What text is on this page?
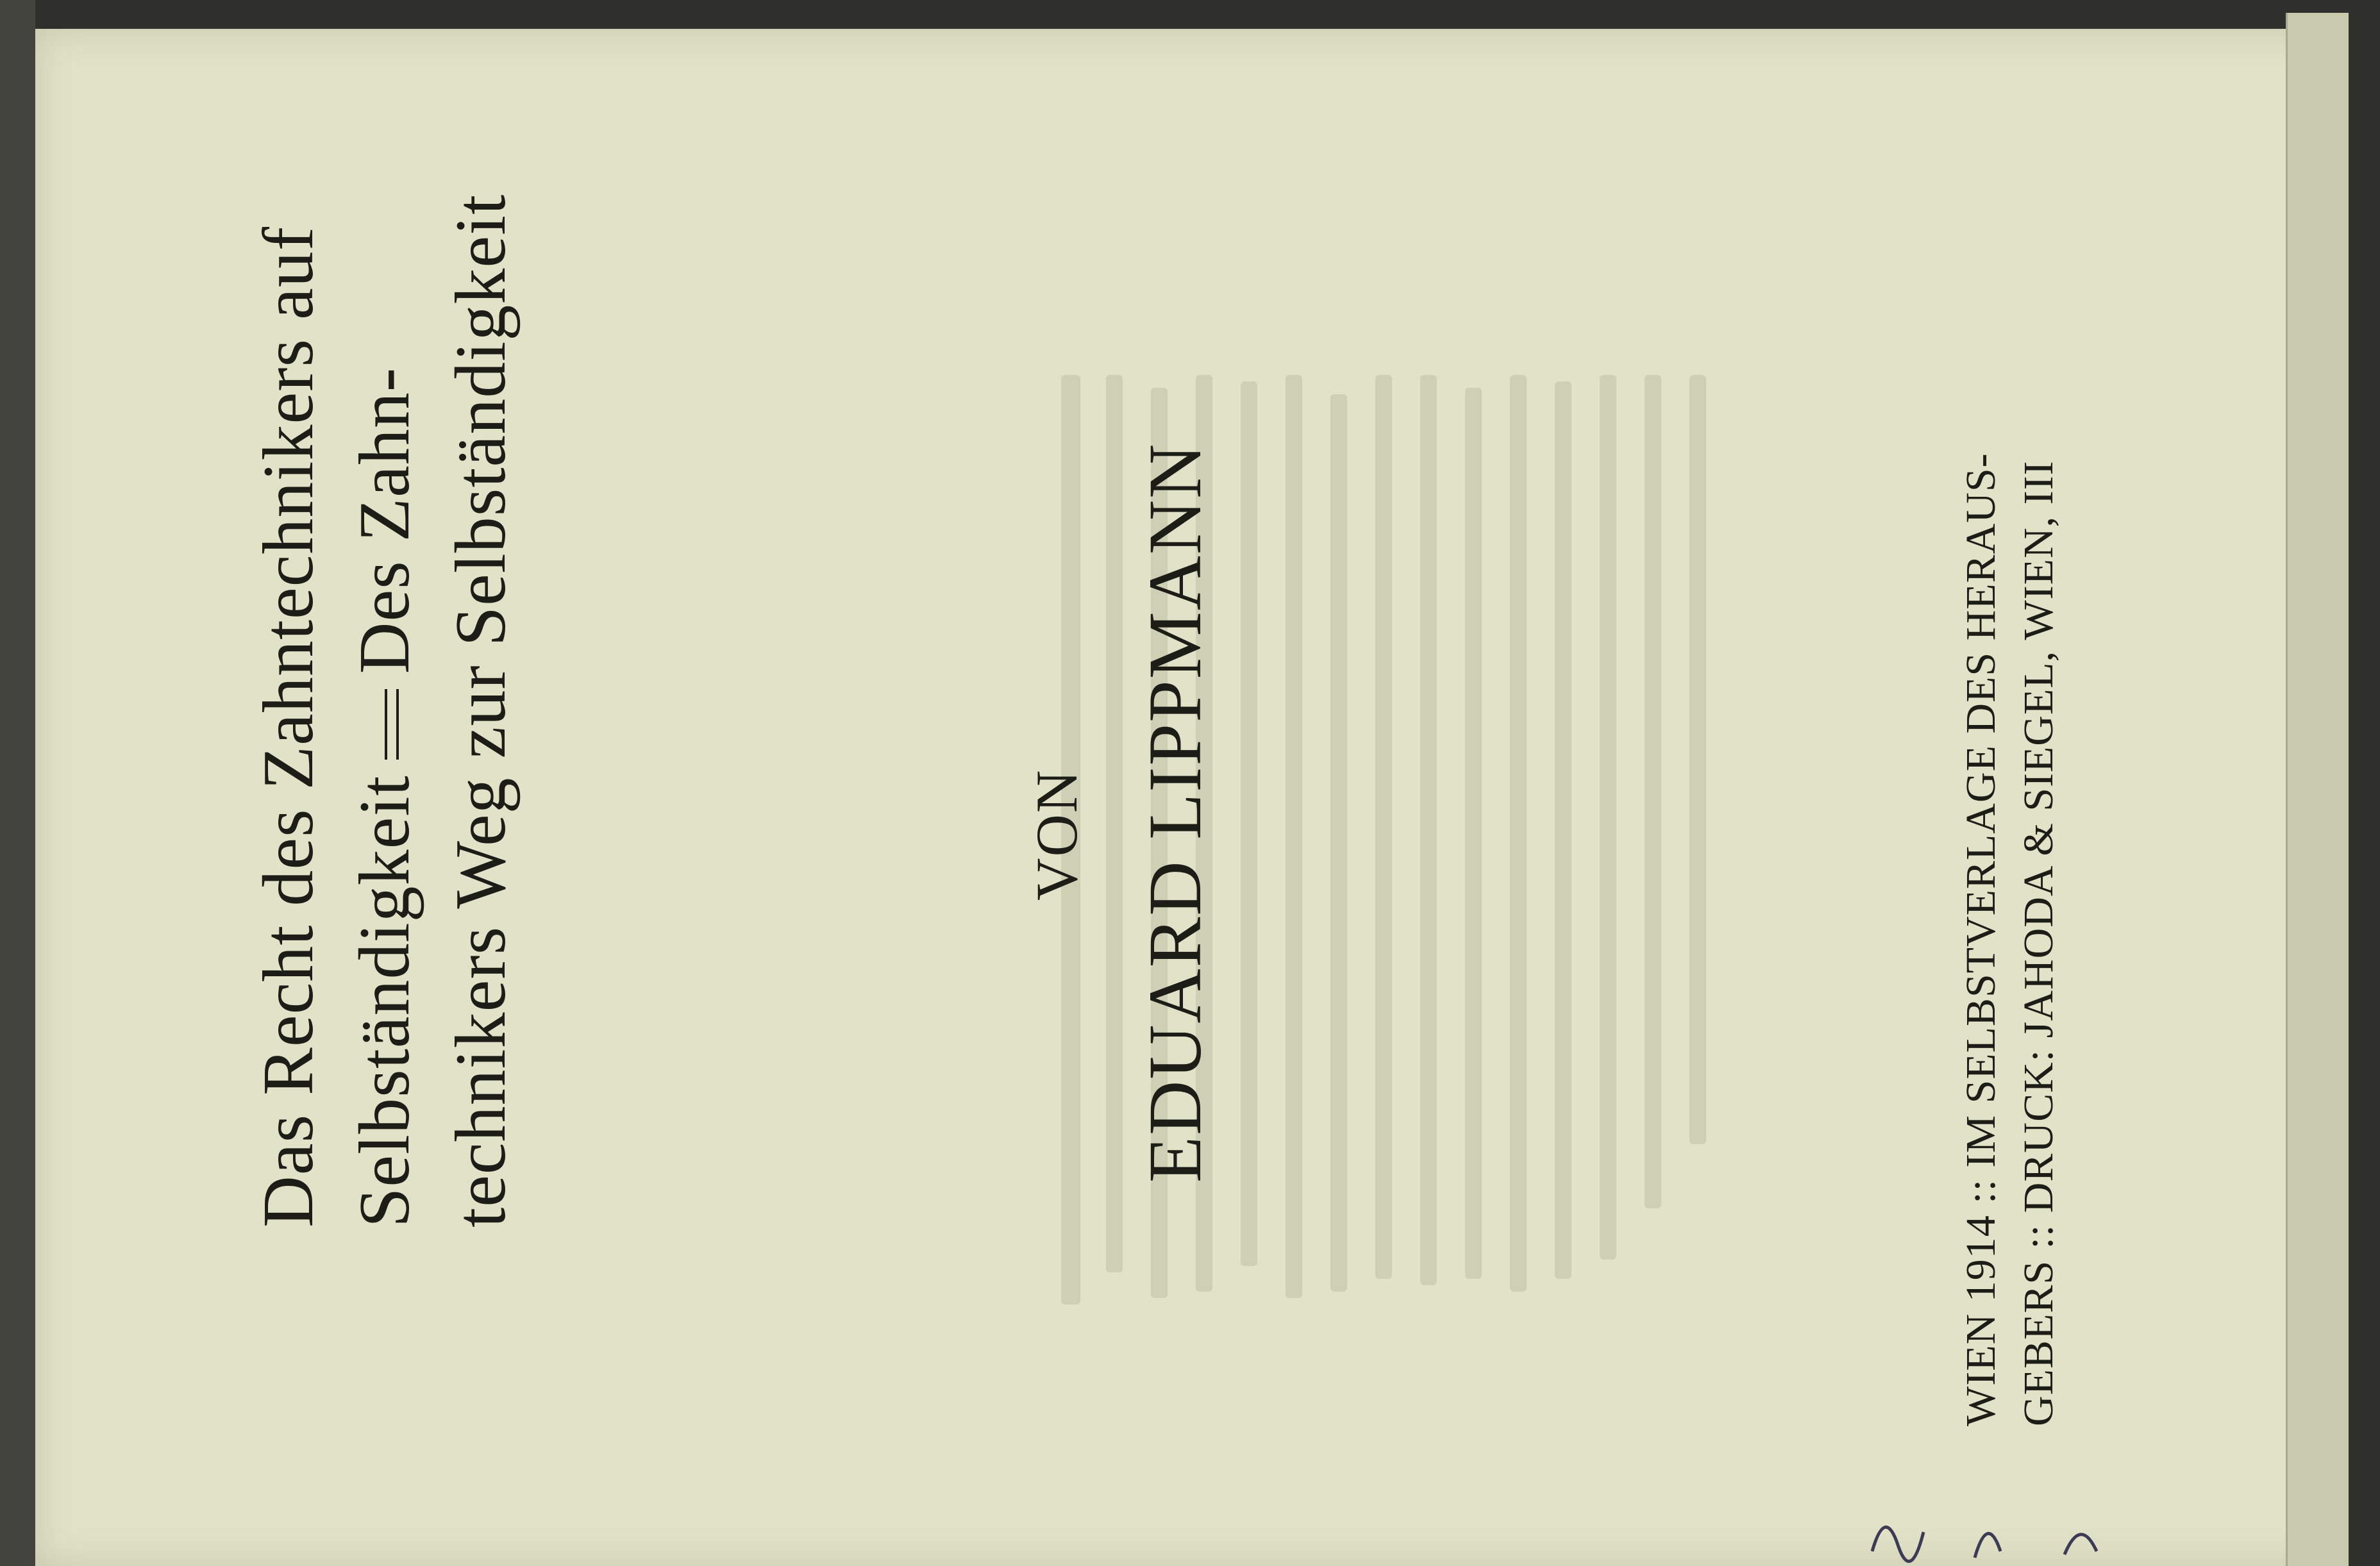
Das Recht des Zahntechnikers auf SelbständigkeitDes Zahn- technikers Weg zur Selbständigkeit	VON EDUARD LIPPMANN	WIEN 1914 :: IM SELBSTVERLAGE DES HERAUS- GEBERS :: DRUCK: JAHODA & SIEGEL, WIEN, III
